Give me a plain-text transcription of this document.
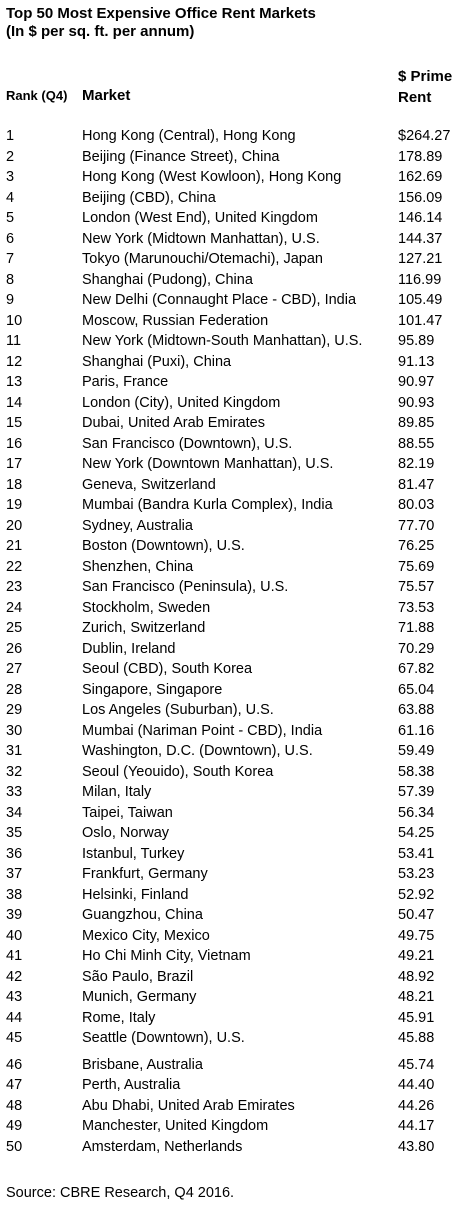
Top 50 Most Expensive Office Rent Markets
(In $ per sq. ft. per annum)
Rank (Q4) Market
$ Prime
Rent
1	Hong Kong (Central), Hong Kong	$264.27
2	Beijing (Finance Street), China	178.89
3	Hong Kong (West Kowloon), Hong Kong	162.69
4	Beijing (CBD), China	156.09
5	London (West End), United Kingdom	146.14
6	New York (Midtown Manhattan), U.S.	144.37
7	Tokyo (Marunouchi/Otemachi), Japan	127.21
8	Shanghai (Pudong), China	116.99
9	New Delhi (Connaught Place - CBD), India	105.49
10	Moscow, Russian Federation	101.47
11	New York (Midtown-South Manhattan), U.S. 95.89
12	Shanghai (Puxi), China	91.13
13	Paris, France	90.97
14	London (City), United Kingdom	90.93
15	Dubai, United Arab Emirates	89.85
16	San Francisco (Downtown), U.S.	88.55
17	New York (Downtown Manhattan), U.S.	82.19
18	Geneva, Switzerland	81.47
19	Mumbai (Bandra Kurla Complex), India	80.03
20	Sydney, Australia	77.70
21	Boston (Downtown), U.S.	76.25
22	Shenzhen, China	75.69
23	San Francisco (Peninsula), U.S.	75.57
24	Stockholm, Sweden	73.53
25	Zurich, Switzerland	71.88
26	Dublin, Ireland	70.29
27	Seoul (CBD), South Korea	67.82
28	Singapore, Singapore	65.04
29	Los Angeles (Suburban), U.S.	63.88
30	Mumbai (Nariman Point - CBD), India	61.16
31	Washington, D.C. (Downtown), U.S.	59.49
32	Seoul (Yeouido), South Korea	58.38
33	Milan, Italy	57.39
34	Taipei, Taiwan	56.34
35	Oslo, Norway	54.25
36	Istanbul, Turkey	53.41
37	Frankfurt, Germany	53.23
38	Helsinki, Finland	52.92
39	Guangzhou, China	50.47
40	Mexico City, Mexico	49.75
41	Ho Chi Minh City, Vietnam	49.21
42	São Paulo, Brazil	48.92
43	Munich, Germany	48.21
44	Rome, Italy	45.91
45	Seattle (Downtown), U.S.	45.88
46	Brisbane, Australia	45.74
47	Perth, Australia	44.40
48	Abu Dhabi, United Arab Emirates	44.26
49	Manchester, United Kingdom	44.17
50	Amsterdam, Netherlands	43.80
Source: CBRE Research, Q4 2016.
